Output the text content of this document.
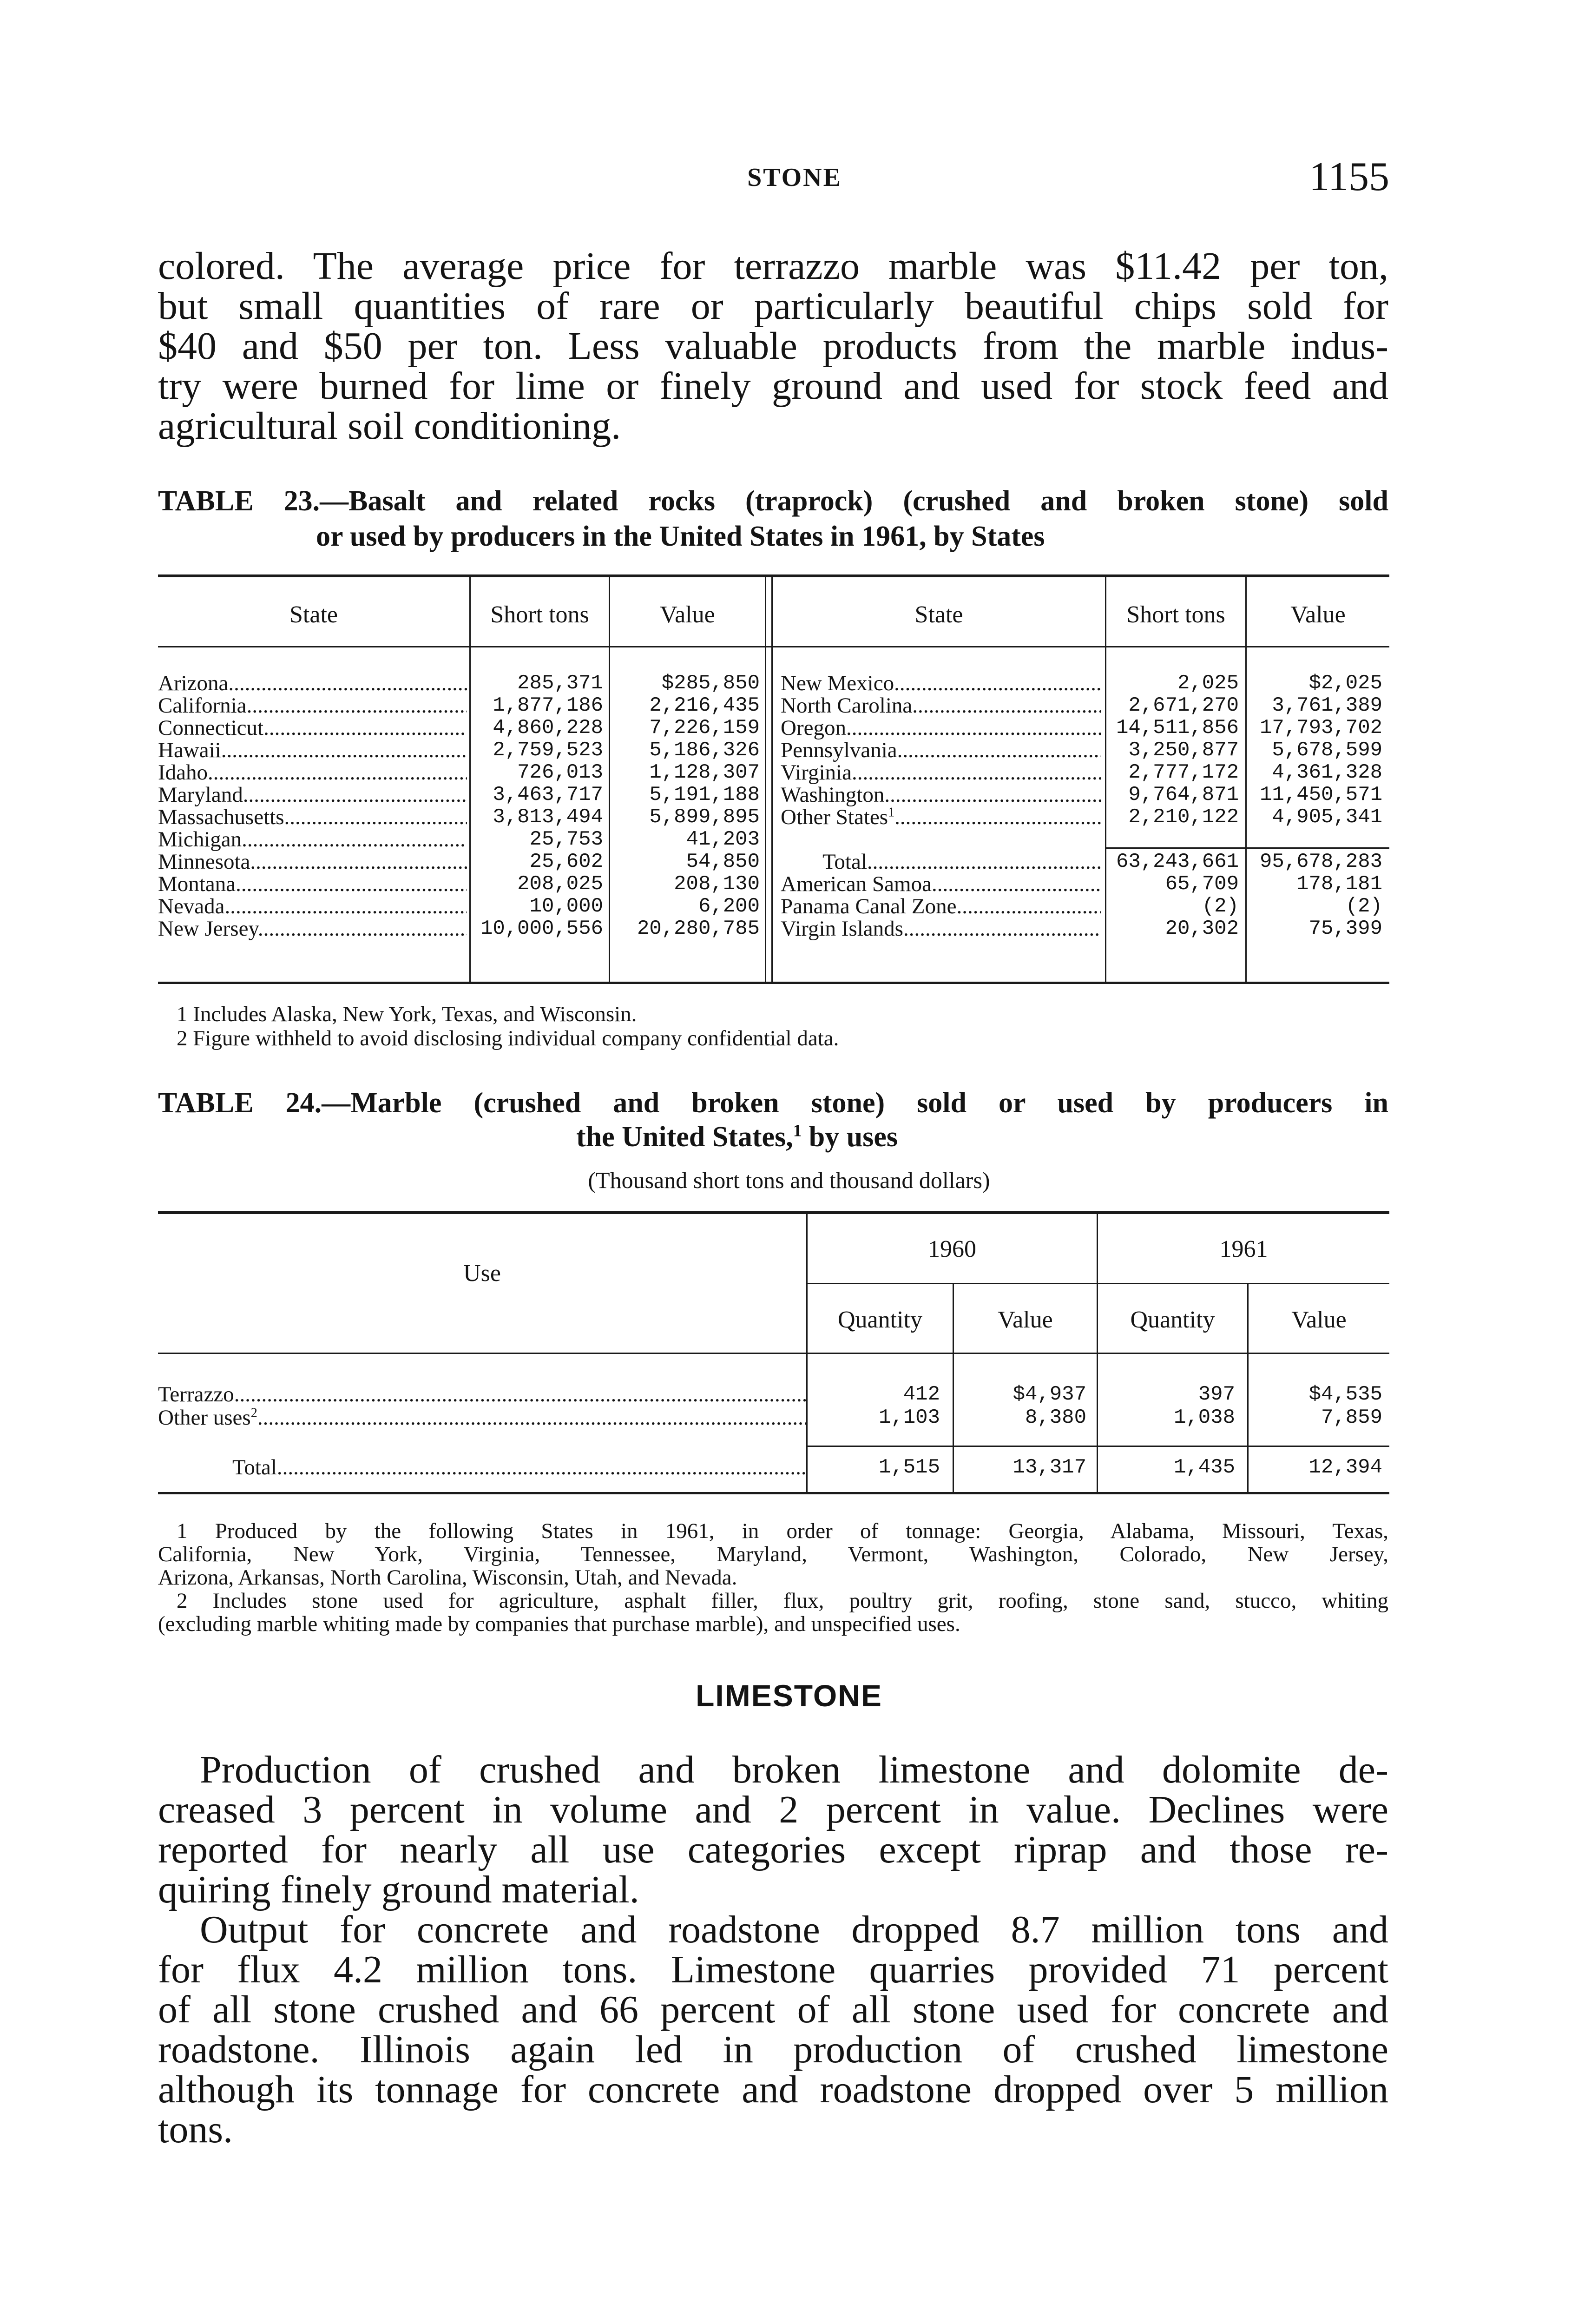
STONE	1155
colored. The average price for terrazzo marble was $11.42 per ton,
but small quantities of rare or particularly beautiful chips sold for
$40 and $50 per ton. Less valuable products from the marble indus-
try were burned for lime or finely ground and used for stock feed and
agricultural soil conditioning.
TABLE 23.—Basalt and related rocks (traprock) (crushed and broken stone) sold
or used by producers in the United States in 1961, by States
State	Short tons	Value	State	Short tons	Value
Arizona .....	285,371	$285,850
California .....	1,877,186	2,216,435
Connecticut .....	4,860,228	7,226,159
Hawaii .....	2,759,523	5,186,326
Idaho .....	726,013	1,128,307
Maryland .....	3,463,717	5,191,188
Massachusetts .....	3,813,494	5,899,895
Michigan .....	25,753	41,203
Minnesota .....	25,602	54,850
Montana .....	208,025	208,130
Nevada .....	10,000	6,200
New Jersey .....	10,000,556	20,280,785
New Mexico .....	2,025	$2,025
North Carolina .....	2,671,270	3,761,389
Oregon .....	14,511,856	17,793,702
Pennsylvania .....	3,250,877	5,678,599
Virginia .....	2,777,172	4,361,328
Washington .....	9,764,871	11,450,571
Other States$^1$ .....	2,210,122	4,905,341
Total .....	63,243,661	95,678,283
American Samoa .....	65,709	178,181
Panama Canal Zone .....	(2)	(2)
Virgin Islands .....	20,302	75,399
1 Includes Alaska, New York, Texas, and Wisconsin.
2 Figure withheld to avoid disclosing individual company confidential data.
TABLE 24.—Marble (crushed and broken stone) sold or used by producers in
the United States,$^1$ by uses
(Thousand short tons and thousand dollars)
Use
1960	1961
Quantity	Value	Quantity	Value
Terrazzo .....	412	$4,937	397	$4,535
Other uses$^2$ .....	1,103	8,380	1,038	7,859
Total .....	1,515	13,317	1,435	12,394
1 Produced by the following States in 1961, in order of tonnage: Georgia, Alabama, Missouri, Texas,
California, New York, Virginia, Tennessee, Maryland, Vermont, Washington, Colorado, New Jersey,
Arizona, Arkansas, North Carolina, Wisconsin, Utah, and Nevada.
2 Includes stone used for agriculture, asphalt filler, flux, poultry grit, roofing, stone sand, stucco, whiting
(excluding marble whiting made by companies that purchase marble), and unspecified uses.
LIMESTONE
Production of crushed and broken limestone and dolomite de-
creased 3 percent in volume and 2 percent in value. Declines were
reported for nearly all use categories except riprap and those re-
quiring finely ground material.
Output for concrete and roadstone dropped 8.7 million tons and
for flux 4.2 million tons. Limestone quarries provided 71 percent
of all stone crushed and 66 percent of all stone used for concrete and
roadstone. Illinois again led in production of crushed limestone
although its tonnage for concrete and roadstone dropped over 5 million
tons.
